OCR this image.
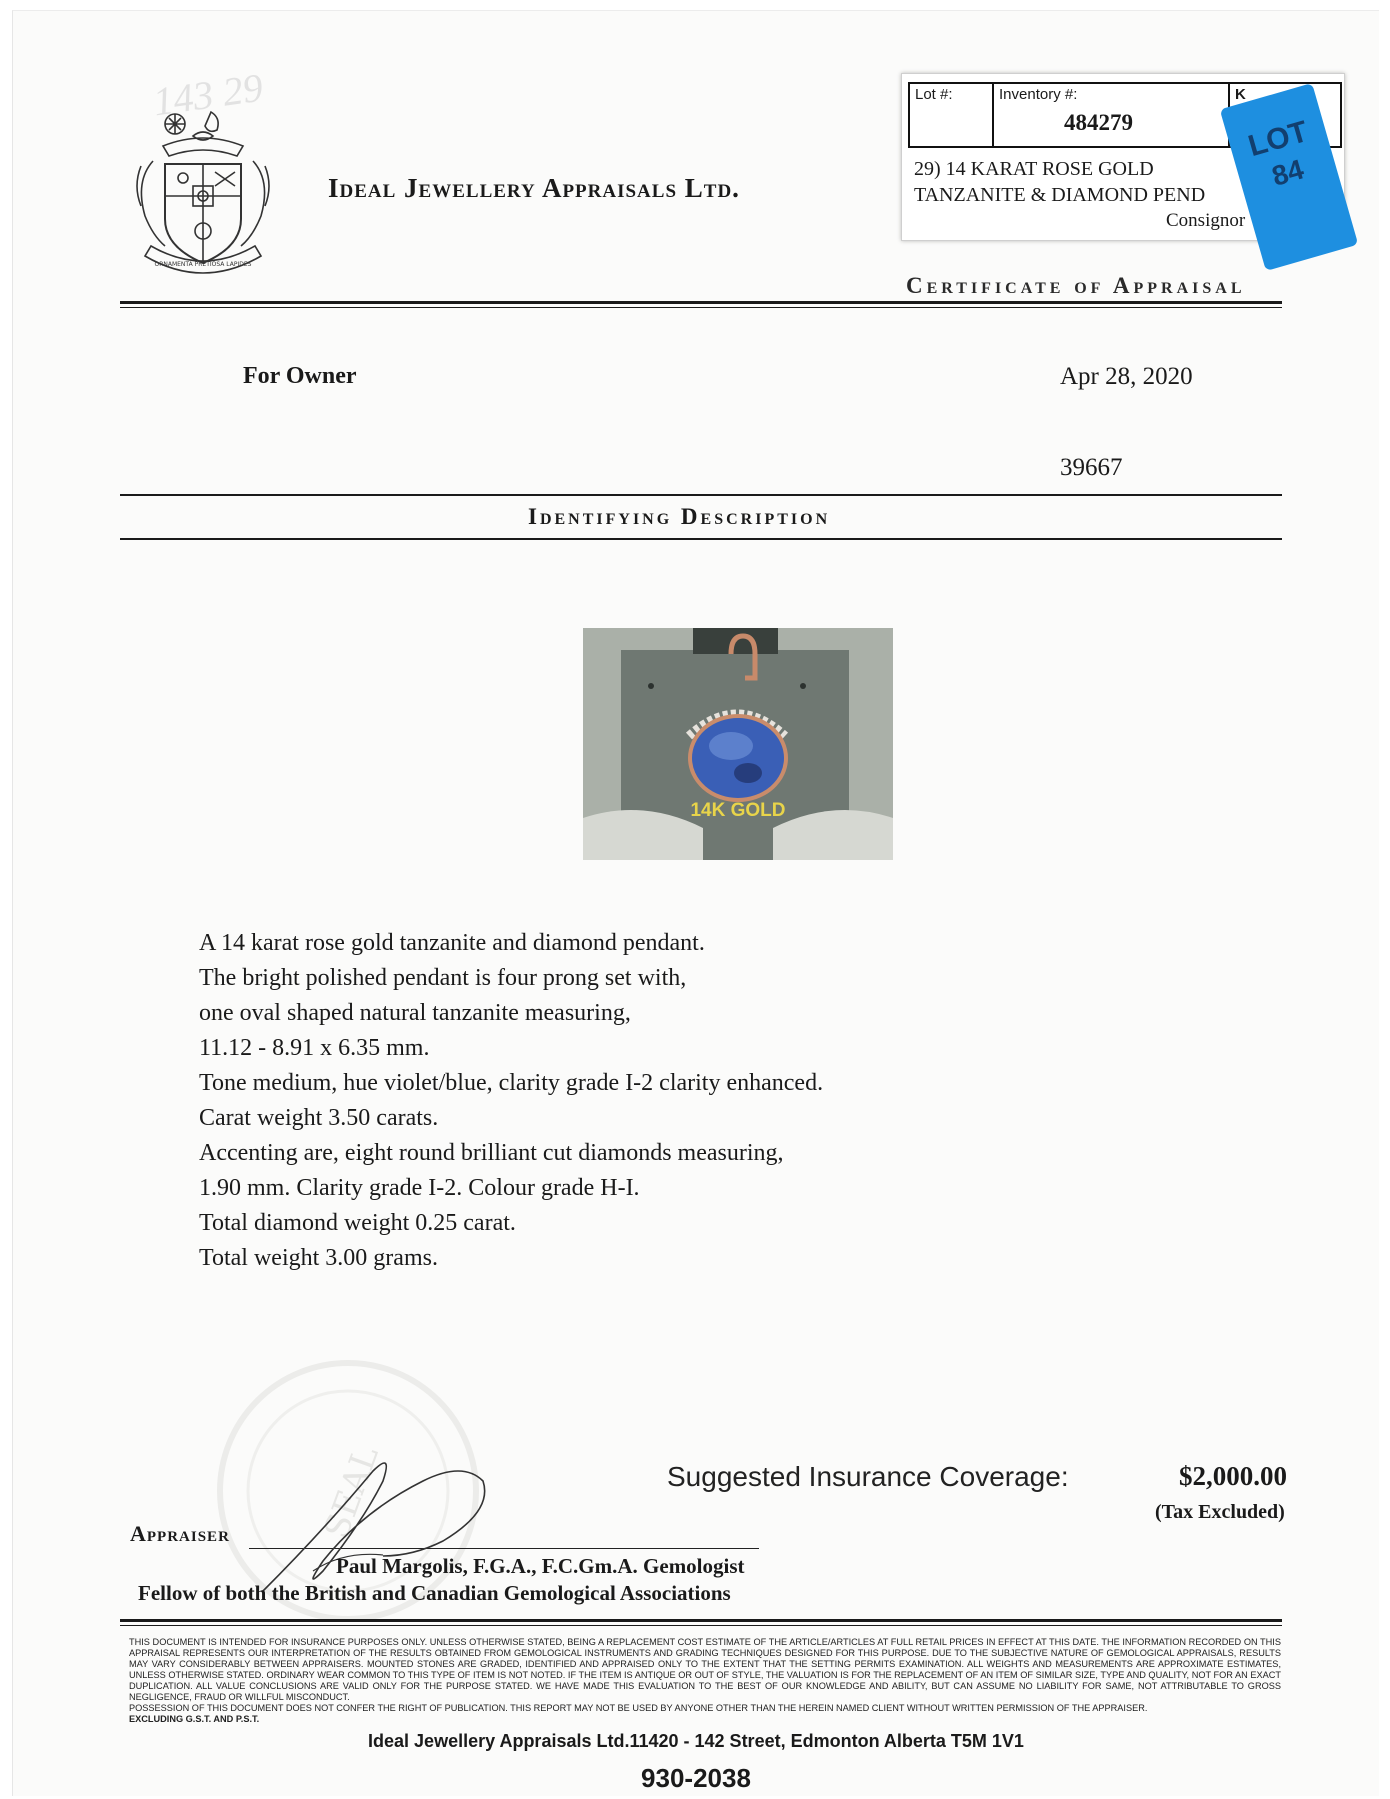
143 29
ORNAMENTA PRETIOSA LAPIDES
Ideal Jewellery Appraisals Ltd.
Lot #:	Inventory #:
484279
K
29) 14 KARAT ROSE GOLD
TANZANITE & DIAMOND PEND
Consignor
LOT
84
Certificate of Appraisal
For Owner	Apr 28, 2020
39667
Identifying Description
14K GOLD
A 14 karat rose gold tanzanite and diamond pendant.
The bright polished pendant is four prong set with,
one oval shaped natural tanzanite measuring,
11.12 - 8.91 x 6.35 mm.
Tone medium, hue violet/blue, clarity grade I-2 clarity enhanced.
Carat weight 3.50 carats.
Accenting are, eight round brilliant cut diamonds measuring,
1.90 mm. Clarity grade I-2. Colour grade H-I.
Total diamond weight 0.25 carat.
Total weight 3.00 grams.
SEAL	Suggested Insurance Coverage:	$2,000.00
(Tax Excluded)
Appraiser
Paul Margolis, F.G.A., F.C.Gm.A. Gemologist
Fellow of both the British and Canadian Gemological Associations

THIS DOCUMENT IS INTENDED FOR INSURANCE PURPOSES ONLY. UNLESS OTHERWISE STATED, BEING A REPLACEMENT COST ESTIMATE OF THE ARTICLE/ARTICLES AT FULL RETAIL PRICES IN EFFECT AT THIS DATE. THE INFORMATION RECORDED ON THIS APPRAISAL REPRESENTS OUR INTERPRETATION OF THE RESULTS OBTAINED FROM GEMOLOGICAL INSTRUMENTS AND GRADING TECHNIQUES DESIGNED FOR THIS PURPOSE. DUE TO THE SUBJECTIVE NATURE OF GEMOLOGICAL APPRAISALS, RESULTS MAY VARY CONSIDERABLY BETWEEN APPRAISERS. MOUNTED STONES ARE GRADED, IDENTIFIED AND APPRAISED ONLY TO THE EXTENT THAT THE SETTING PERMITS EXAMINATION. ALL WEIGHTS AND MEASUREMENTS ARE APPROXIMATE ESTIMATES, UNLESS OTHERWISE STATED. ORDINARY WEAR COMMON TO THIS TYPE OF ITEM IS NOT NOTED. IF THE ITEM IS ANTIQUE OR OUT OF STYLE, THE VALUATION IS FOR THE REPLACEMENT OF AN ITEM OF SIMILAR SIZE, TYPE AND QUALITY, NOT FOR AN EXACT DUPLICATION. ALL VALUE CONCLUSIONS ARE VALID ONLY FOR THE PURPOSE STATED. WE HAVE MADE THIS EVALUATION TO THE BEST OF OUR KNOWLEDGE AND ABILITY, BUT CAN ASSUME NO LIABILITY FOR SAME, NOT ATTRIBUTABLE TO GROSS NEGLIGENCE, FRAUD OR WILLFUL MISCONDUCT.

POSSESSION OF THIS DOCUMENT DOES NOT CONFER THE RIGHT OF PUBLICATION. THIS REPORT MAY NOT BE USED BY ANYONE OTHER THAN THE HEREIN NAMED CLIENT WITHOUT WRITTEN PERMISSION OF THE APPRAISER.

EXCLUDING G.S.T. AND P.S.T.

Ideal Jewellery Appraisals Ltd.11420 - 142 Street, Edmonton Alberta T5M 1V1
930-2038
